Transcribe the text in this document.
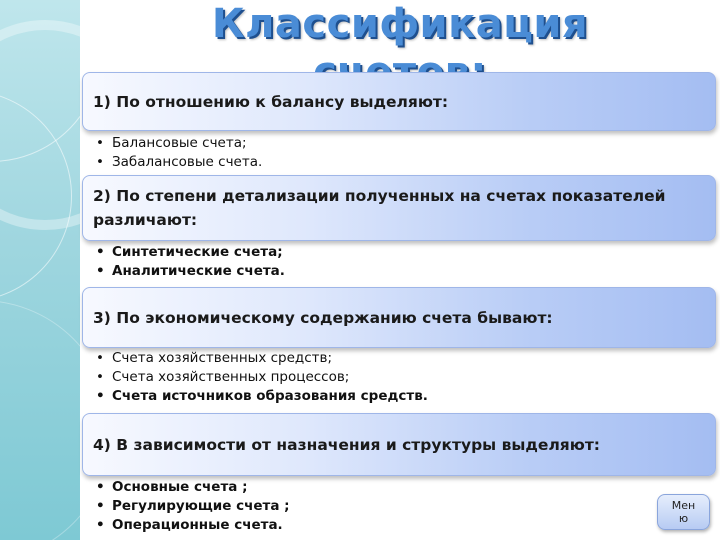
Классификация
1) По отношению к балансу выделяют:
• Балансовые счета;
• Забалансовые счета.
2) По степени детализации полученных на счетах показателей различают:
• Синтетические счета;
• Аналитические счета.
3) По экономическому содержанию счета бывают:
• Счета хозяйственных средств;
• Счета хозяйственных процессов;
• Счета источников образования средств.
4) В зависимости от назначения и структуры выделяют:
• Основные счета ;
• Регулирующие счета ;
• Операционные счета.
Мен
ю
